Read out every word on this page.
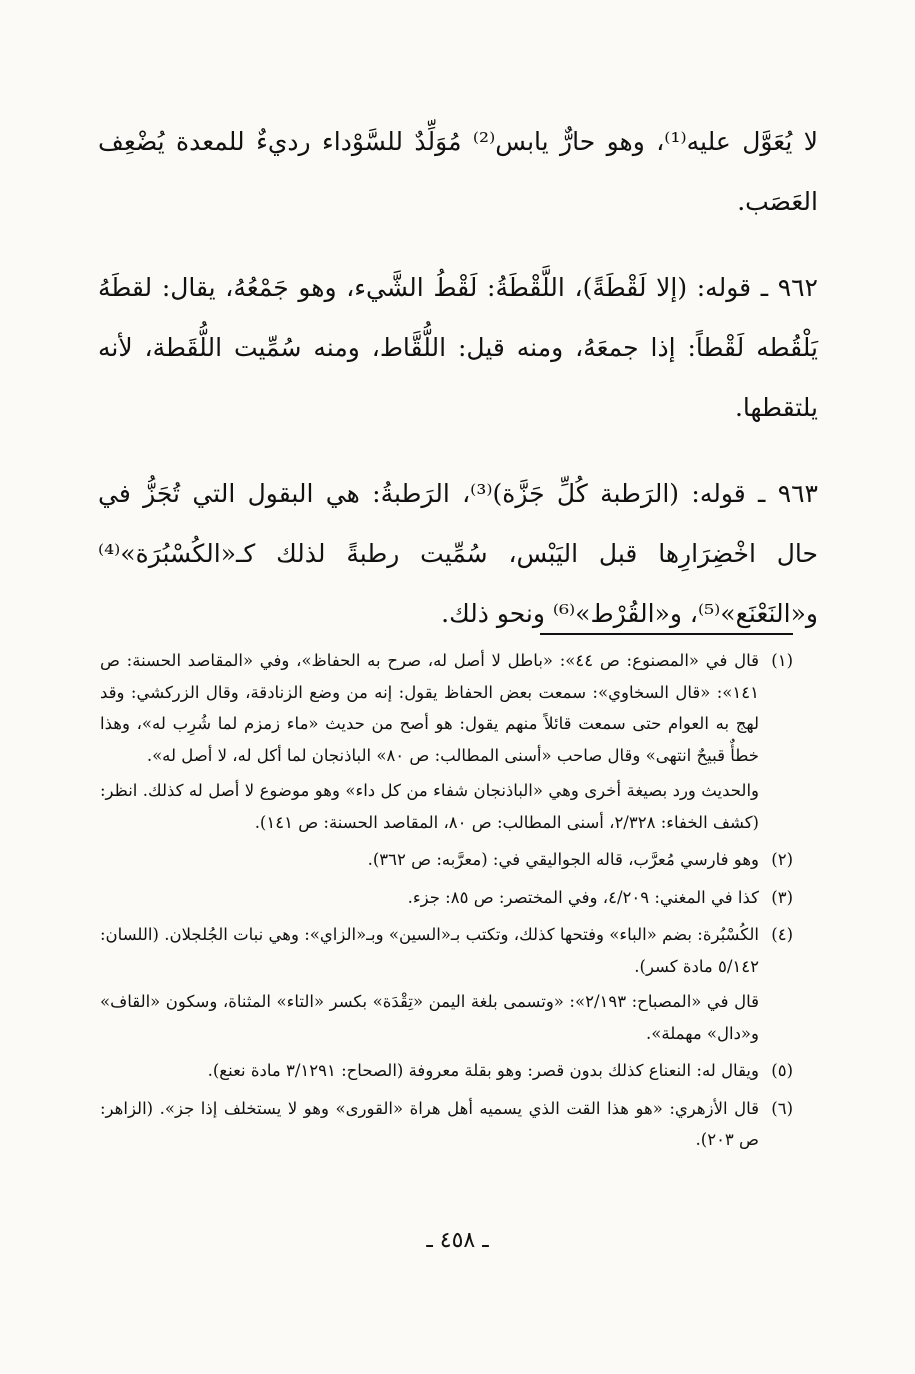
لا يُعَوَّل عليه⁽¹⁾، وهو حارٌّ يابس⁽²⁾ مُوَلِّدٌ للسَّوْداء رديءٌ للمعدة يُضْعِف العَصَب.

٩٦٢ ـ قوله: (إلا لَقْطَةً)، اللَّقْطَةُ: لَقْطُ الشَّيء، وهو جَمْعُهُ، يقال: لقطَهُ يَلْقُطه لَقْطاً: إذا جمعَهُ، ومنه قيل: اللُّقَّاط، ومنه سُمِّيت اللُّقَطة، لأنه يلتقطها.

٩٦٣ ـ قوله: (الرَطبة كُلِّ جَزَّة)⁽³⁾، الرَطبةُ: هي البقول التي تُجَزُّ في حال اخْضِرَارِها قبل اليَبْس، سُمِّيت رطبةً لذلك كـ«الكُسْبُرَة»⁽⁴⁾ و«النَعْنَع»⁽⁵⁾، و«القُرْط»⁽⁶⁾ ونحو ذلك.

(١)

قال في «المصنوع: ص ٤٤»: «باطل لا أصل له، صرح به الحفاظ»، وفي «المقاصد الحسنة: ص ١٤١»: «قال السخاوي»: سمعت بعض الحفاظ يقول: إنه من وضع الزنادقة، وقال الزركشي: وقد لهج به العوام حتى سمعت قائلاً منهم يقول: هو أصح من حديث «ماء زمزم لما شُرِب له»، وهذا خطأٌ قبيحٌ انتهى» وقال صاحب «أسنى المطالب: ص ٨٠» الباذنجان لما أكل له، لا أصل له».

والحديث ورد بصيغة أخرى وهي «الباذنجان شفاء من كل داء» وهو موضوع لا أصل له كذلك. انظر: (كشف الخفاء: ٢/٣٢٨، أسنى المطالب: ص ٨٠، المقاصد الحسنة: ص ١٤١).

(٢)

وهو فارسي مُعرَّب، قاله الجواليقي في: (معرَّبه: ص ٣٦٢).

(٣)

كذا في المغني: ٤/٢٠٩، وفي المختصر: ص ٨٥: جزء.

(٤)

الكُسْبُرة: بضم «الباء» وفتحها كذلك، وتكتب بـ«السين» وبـ«الزاي»: وهي نبات الجُلجلان. (اللسان: ٥/١٤٢ مادة كسر).

قال في «المصباح: ٢/١٩٣»: «وتسمى بلغة اليمن «تِقْدَة» بكسر «التاء» المثناة، وسكون «القاف» و«دال» مهملة».

(٥)

ويقال له: النعناع كذلك بدون قصر: وهو بقلة معروفة (الصحاح: ٣/١٢٩١ مادة نعنع).

(٦)

قال الأزهري: «هو هذا القت الذي يسميه أهل هراة «القورى» وهو لا يستخلف إذا جز». (الزاهر: ص ٢٠٣).

ـ ٤٥٨ ـ
